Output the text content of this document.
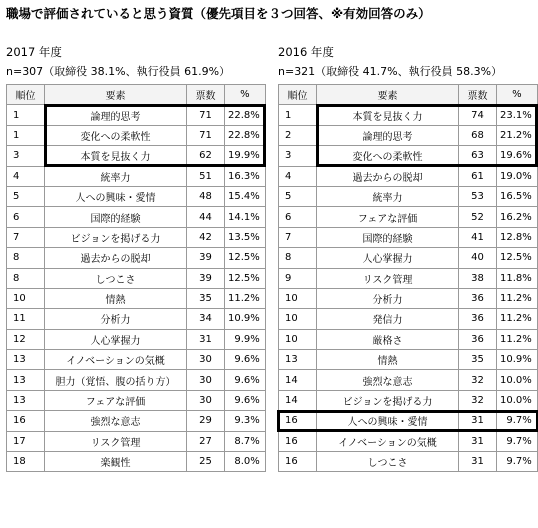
職場で評価されていると思う資質（優先項目を３つ回答、※有効回答のみ）
2017 年度
n=307（取締役 38.1%、執行役員 61.9%）
順位	要素	票数	%
1	論理的思考	71	22.8%
1	変化への柔軟性	71	22.8%
3	本質を見抜く力	62	19.9%
4	統率力	51	16.3%
5	人への興味・愛情	48	15.4%
6	国際的経験	44	14.1%
7	ビジョンを掲げる力	42	13.5%
8	過去からの脱却	39	12.5%
8	しつこさ	39	12.5%
10	情熱	35	11.2%
11	分析力	34	10.9%
12	人心掌握力	31	9.9%
13	イノベーションの気概	30	9.6%
13	胆力（覚悟、腹の括り方）	30	9.6%
13	フェアな評価	30	9.6%
16	強烈な意志	29	9.3%
17	リスク管理	27	8.7%
18	楽観性	25	8.0%
2016 年度
n=321（取締役 41.7%、執行役員 58.3%）
順位	要素	票数	%
1	本質を見抜く力	74	23.1%
2	論理的思考	68	21.2%
3	変化への柔軟性	63	19.6%
4	過去からの脱却	61	19.0%
5	統率力	53	16.5%
6	フェアな評価	52	16.2%
7	国際的経験	41	12.8%
8	人心掌握力	40	12.5%
9	リスク管理	38	11.8%
10	分析力	36	11.2%
10	発信力	36	11.2%
10	厳格さ	36	11.2%
13	情熱	35	10.9%
14	強烈な意志	32	10.0%
14	ビジョンを掲げる力	32	10.0%
16	人への興味・愛情	31	9.7%
16	イノベーションの気概	31	9.7%
16	しつこさ	31	9.7%
